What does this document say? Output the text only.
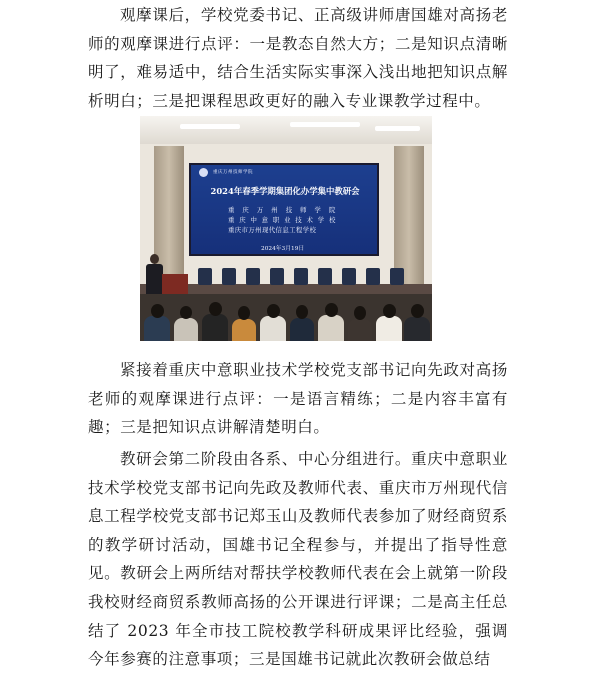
观摩课后，学校党委书记、正高级讲师唐国雄对高扬老师的观摩课进行点评：一是教态自然大方；二是知识点清晰明了，难易适中，结合生活实际实事深入浅出地把知识点解析明白；三是把课程思政更好的融入专业课教学过程中。

重庆万州技师学院
2024年春季学期集团化办学集中教研会
重 庆 万 州 技 师 学 院
重 庆 中 意 职 业 技 术 学 校
重庆市万州现代信息工程学校
2024年3月19日

紧接着重庆中意职业技术学校党支部书记向先政对高扬老师的观摩课进行点评：一是语言精练；二是内容丰富有趣；三是把知识点讲解清楚明白。

教研会第二阶段由各系、中心分组进行。重庆中意职业技术学校党支部书记向先政及教师代表、重庆市万州现代信息工程学校党支部书记郑玉山及教师代表参加了财经商贸系的教学研讨活动，国雄书记全程参与，并提出了指导性意见。教研会上两所结对帮扶学校教师代表在会上就第一阶段我校财经商贸系教师高扬的公开课进行评课；二是高主任总结了 2023 年全市技工院校教学科研成果评比经验，强调今年参赛的注意事项；三是国雄书记就此次教研会做总结
